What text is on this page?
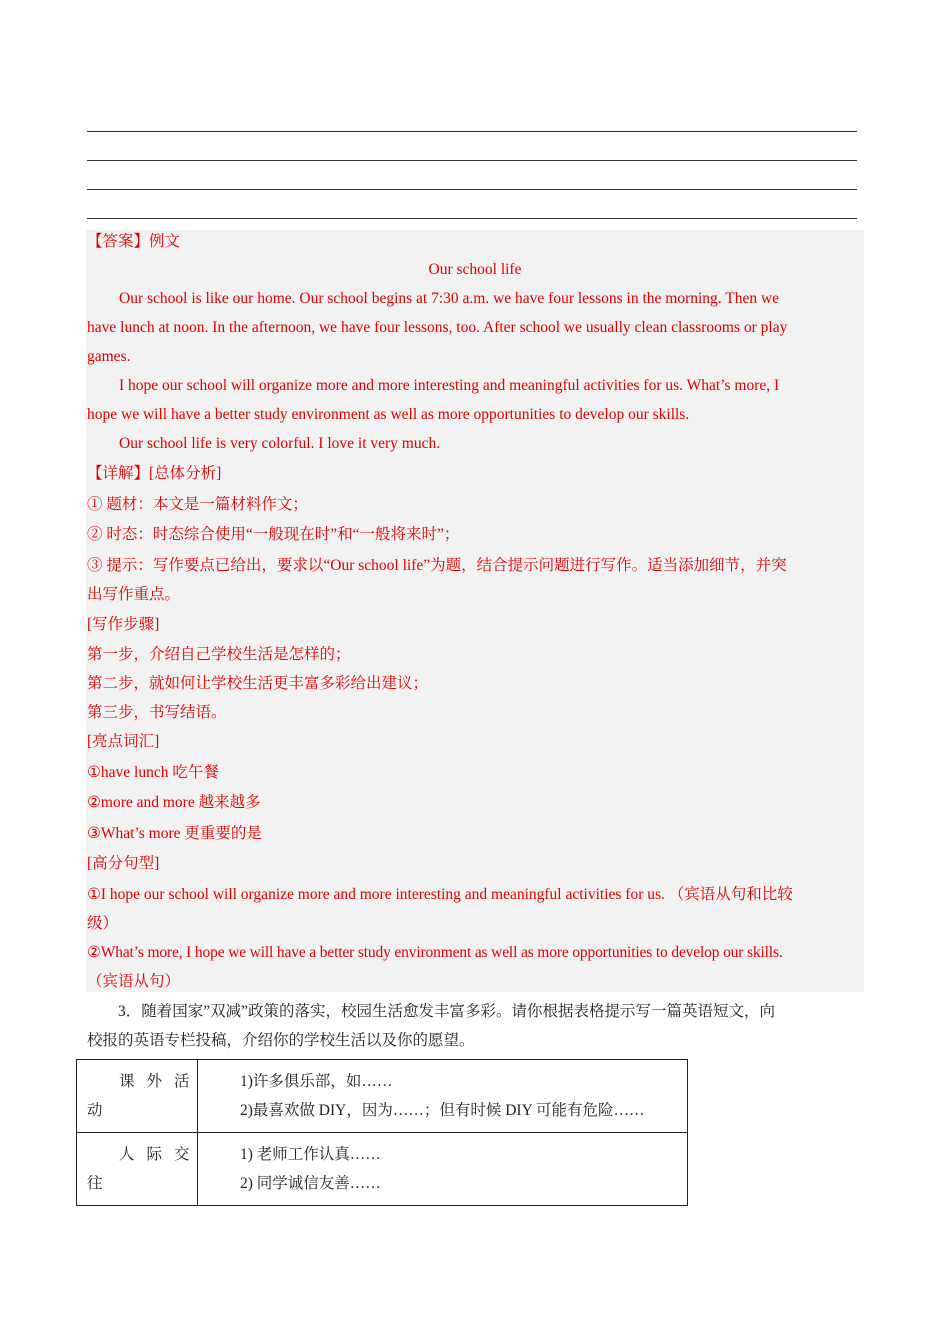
【答案】例文
Our school life
Our school is like our home. Our school begins at 7:30 a.m. we have four lessons in the morning. Then we
have lunch at noon. In the afternoon, we have four lessons, too. After school we usually clean classrooms or play
games.
I hope our school will organize more and more interesting and meaningful activities for us. What’s more, I
hope we will have a better study environment as well as more opportunities to develop our skills.
Our school life is very colorful. I love it very much.
【详解】[总体分析]
① 题材：本文是一篇材料作文；
② 时态：时态综合使用“一般现在时”和“一般将来时”；
③ 提示：写作要点已给出，要求以“Our school life”为题，结合提示问题进行写作。适当添加细节，并突
出写作重点。
[写作步骤]
第一步，介绍自己学校生活是怎样的；
第二步，就如何让学校生活更丰富多彩给出建议；
第三步，书写结语。
[亮点词汇]
①have lunch 吃午餐
②more and more 越来越多
③What’s more 更重要的是
[高分句型]
①I hope our school will organize more and more interesting and meaningful activities for us. （宾语从句和比较
级）
②What’s more, I hope we will have a better study environment as well as more opportunities to develop our skills.
（宾语从句）
3．随着国家”双减”政策的落实，校园生活愈发丰富多彩。请你根据表格提示写一篇英语短文，向
校报的英语专栏投稿，介绍你的学校生活以及你的愿望。
课外活
动	1)许多俱乐部，如……
2)最喜欢做 DIY，因为……；但有时候 DIY 可能有危险……

人际交
往	1) 老师工作认真……
2) 同学诚信友善……
